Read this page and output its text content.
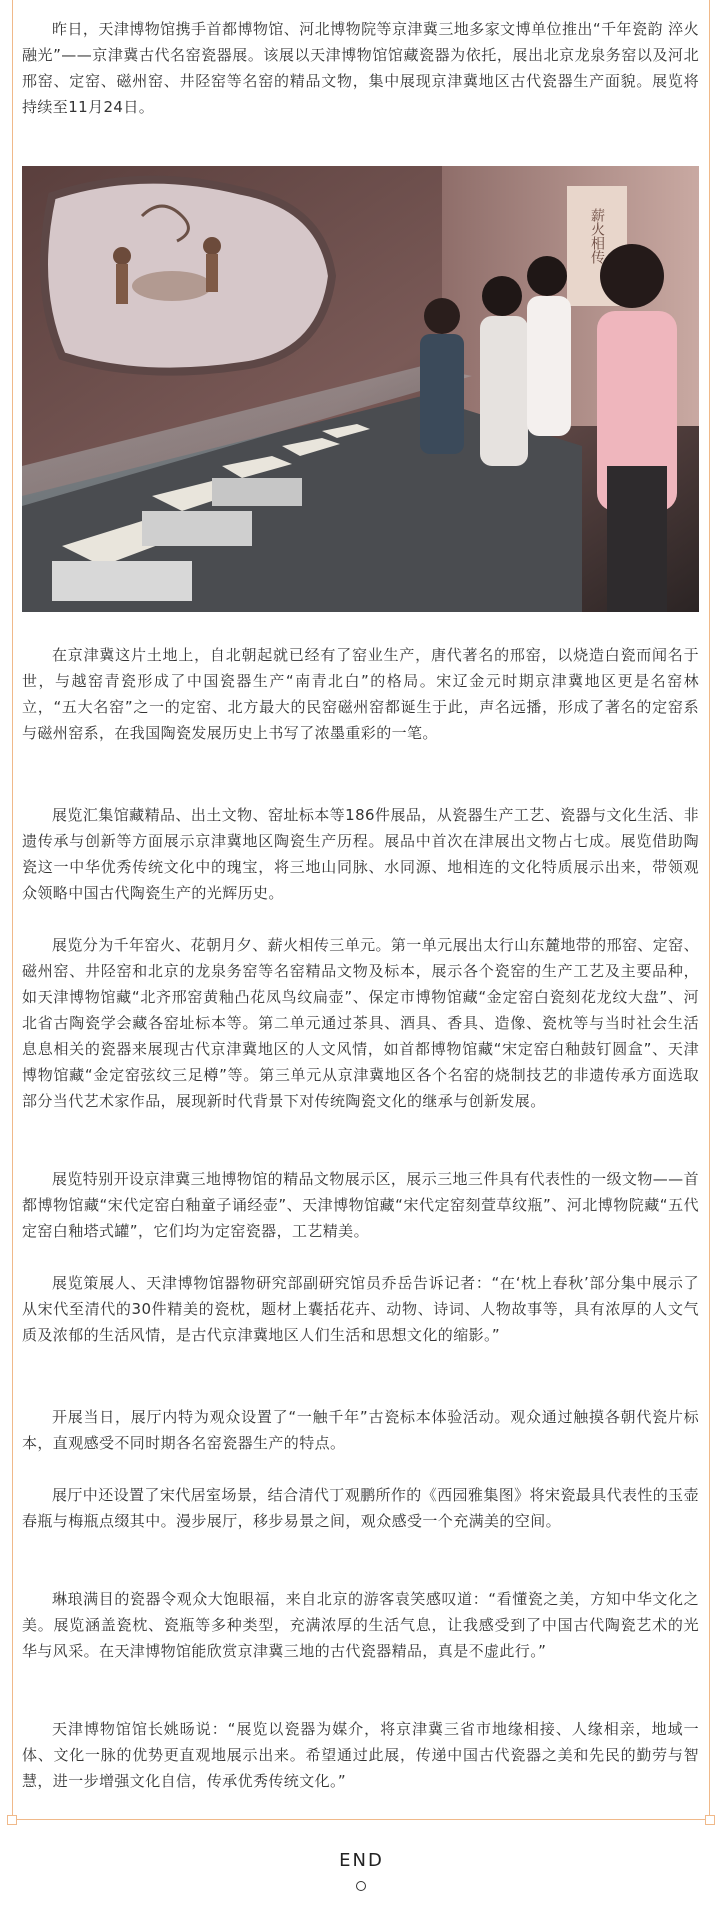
昨日，天津博物馆携手首都博物馆、河北博物院等京津冀三地多家文博单位推出“千年瓷韵 淬火融光”——京津冀古代名窑瓷器展。该展以天津博物馆馆藏瓷器为依托，展出北京龙泉务窑以及河北邢窑、定窑、磁州窑、井陉窑等名窑的精品文物，集中展现京津冀地区古代瓷器生产面貌。展览将持续至11月24日。

薪火相传

在京津冀这片土地上，自北朝起就已经有了窑业生产，唐代著名的邢窑，以烧造白瓷而闻名于世，与越窑青瓷形成了中国瓷器生产“南青北白”的格局。宋辽金元时期京津冀地区更是名窑林立，“五大名窑”之一的定窑、北方最大的民窑磁州窑都诞生于此，声名远播，形成了著名的定窑系与磁州窑系，在我国陶瓷发展历史上书写了浓墨重彩的一笔。

展览汇集馆藏精品、出土文物、窑址标本等186件展品，从瓷器生产工艺、瓷器与文化生活、非遗传承与创新等方面展示京津冀地区陶瓷生产历程。展品中首次在津展出文物占七成。展览借助陶瓷这一中华优秀传统文化中的瑰宝，将三地山同脉、水同源、地相连的文化特质展示出来，带领观众领略中国古代陶瓷生产的光辉历史。

展览分为千年窑火、花朝月夕、薪火相传三单元。第一单元展出太行山东麓地带的邢窑、定窑、磁州窑、井陉窑和北京的龙泉务窑等名窑精品文物及标本，展示各个瓷窑的生产工艺及主要品种，如天津博物馆藏“北齐邢窑黄釉凸花凤鸟纹扁壶”、保定市博物馆藏“金定窑白瓷刻花龙纹大盘”、河北省古陶瓷学会藏各窑址标本等。第二单元通过茶具、酒具、香具、造像、瓷枕等与当时社会生活息息相关的瓷器来展现古代京津冀地区的人文风情，如首都博物馆藏“宋定窑白釉鼓钉圆盒”、天津博物馆藏“金定窑弦纹三足樽”等。第三单元从京津冀地区各个名窑的烧制技艺的非遗传承方面选取部分当代艺术家作品，展现新时代背景下对传统陶瓷文化的继承与创新发展。

展览特别开设京津冀三地博物馆的精品文物展示区，展示三地三件具有代表性的一级文物——首都博物馆藏“宋代定窑白釉童子诵经壶”、天津博物馆藏“宋代定窑刻萱草纹瓶”、河北博物院藏“五代定窑白釉塔式罐”，它们均为定窑瓷器，工艺精美。

展览策展人、天津博物馆器物研究部副研究馆员乔岳告诉记者：“在‘枕上春秋’部分集中展示了从宋代至清代的30件精美的瓷枕，题材上囊括花卉、动物、诗词、人物故事等，具有浓厚的人文气质及浓郁的生活风情，是古代京津冀地区人们生活和思想文化的缩影。”

开展当日，展厅内特为观众设置了“一触千年”古瓷标本体验活动。观众通过触摸各朝代瓷片标本，直观感受不同时期各名窑瓷器生产的特点。

展厅中还设置了宋代居室场景，结合清代丁观鹏所作的《西园雅集图》将宋瓷最具代表性的玉壶春瓶与梅瓶点缀其中。漫步展厅，移步易景之间，观众感受一个充满美的空间。

琳琅满目的瓷器令观众大饱眼福，来自北京的游客袁笑感叹道：“看懂瓷之美，方知中华文化之美。展览涵盖瓷枕、瓷瓶等多种类型，充满浓厚的生活气息，让我感受到了中国古代陶瓷艺术的光华与风采。在天津博物馆能欣赏京津冀三地的古代瓷器精品，真是不虚此行。”

天津博物馆馆长姚旸说：“展览以瓷器为媒介，将京津冀三省市地缘相接、人缘相亲，地域一体、文化一脉的优势更直观地展示出来。希望通过此展，传递中国古代瓷器之美和先民的勤劳与智慧，进一步增强文化自信，传承优秀传统文化。”

END
